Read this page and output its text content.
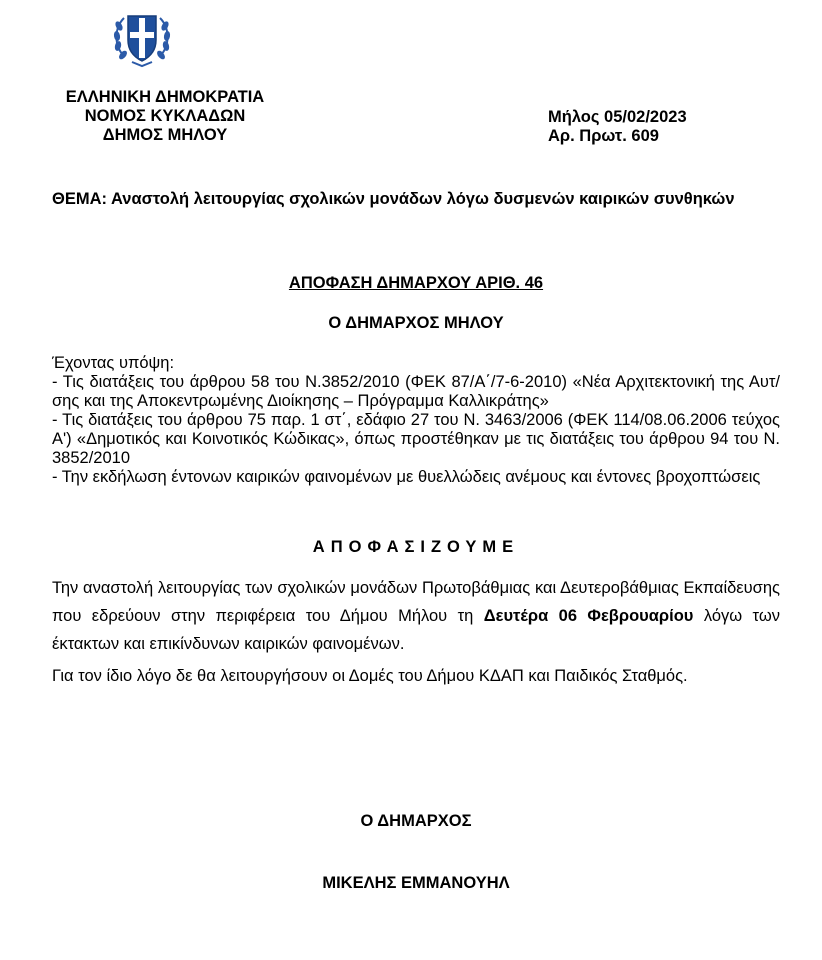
ΕΛΛΗΝΙΚΗ ΔΗΜΟΚΡΑΤΙΑ
ΝΟΜΟΣ ΚΥΚΛΑΔΩΝ
ΔΗΜΟΣ ΜΗΛΟΥ
Μήλος 05/02/2023
Αρ. Πρωτ. 609
ΘΕΜΑ: Αναστολή λειτουργίας σχολικών μονάδων λόγω δυσμενών καιρικών συνθηκών
ΑΠΟΦΑΣΗ ΔΗΜΑΡΧΟΥ ΑΡΙΘ. 46
Ο ΔΗΜΑΡΧΟΣ ΜΗΛΟΥ

Έχοντας υπόψη:

- Τις διατάξεις του άρθρου 58 του Ν.3852/2010 (ΦΕΚ 87/Α΄/7-6-2010) «Νέα Αρχιτεκτονική της Αυτ/σης και της Αποκεντρωμένης Διοίκησης – Πρόγραμμα Καλλικράτης»

- Τις διατάξεις του άρθρου 75 παρ. 1 στ΄, εδάφιο 27 του Ν. 3463/2006 (ΦΕΚ 114/08.06.2006 τεύχος Α') «Δημοτικός και Κοινοτικός Κώδικας», όπως προστέθηκαν με τις διατάξεις του άρθρου 94 του Ν. 3852/2010

- Την εκδήλωση έντονων καιρικών φαινομένων με θυελλώδεις ανέμους και έντονες βροχοπτώσεις

ΑΠΟΦΑΣΙΖΟΥΜΕ

Την αναστολή λειτουργίας των σχολικών μονάδων Πρωτοβάθμιας και Δευτεροβάθμιας Εκπαίδευσης που εδρεύουν στην περιφέρεια του Δήμου Μήλου τη Δευτέρα 06 Φεβρουαρίου λόγω των έκτακτων και επικίνδυνων καιρικών φαινομένων.

Για τον ίδιο λόγο δε θα λειτουργήσουν οι Δομές του Δήμου ΚΔΑΠ και Παιδικός Σταθμός.

Ο ΔΗΜΑΡΧΟΣ
ΜΙΚΕΛΗΣ ΕΜΜΑΝΟΥΗΛ
